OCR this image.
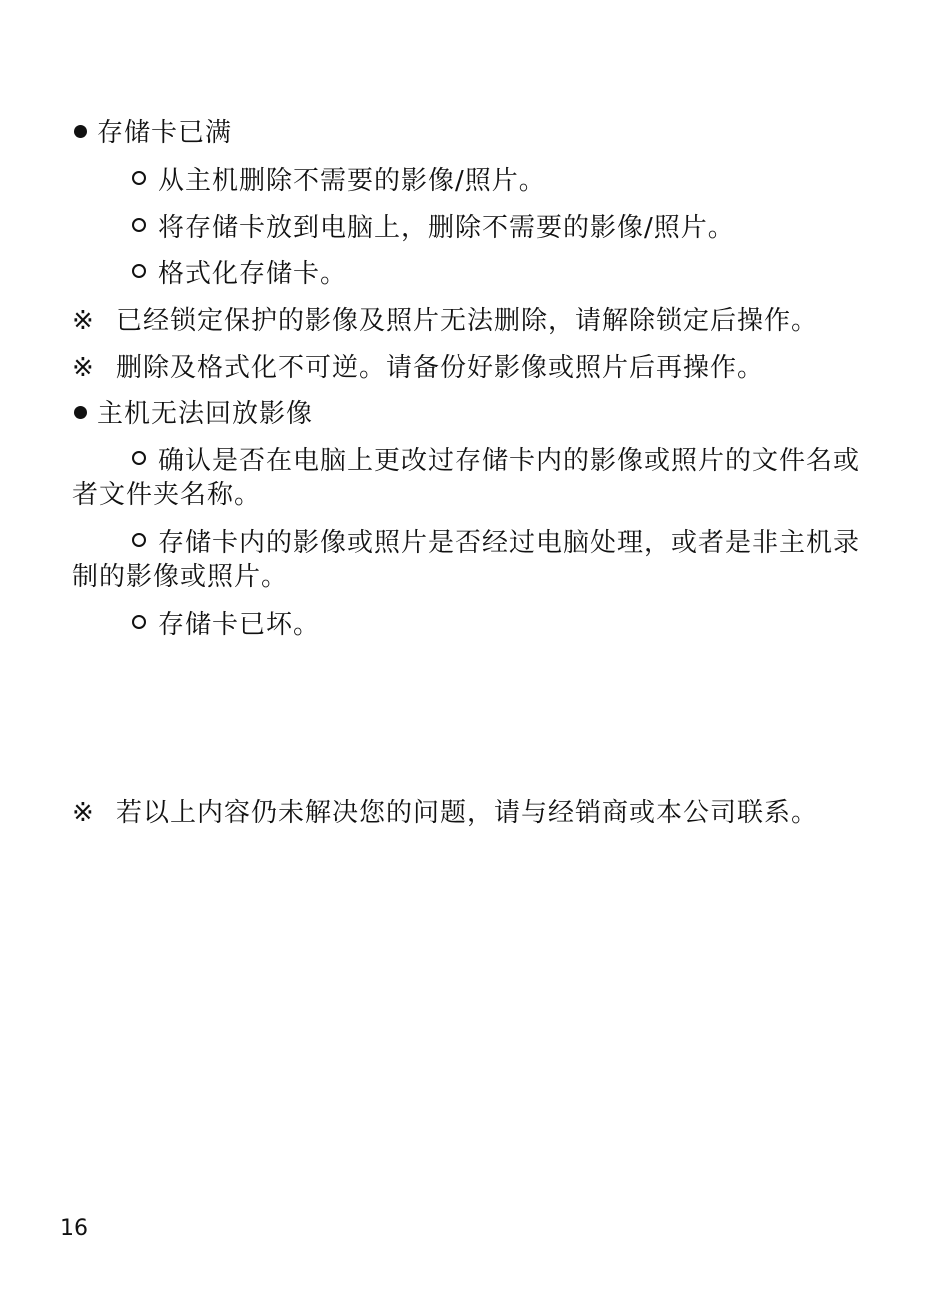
存储卡已满
从主机删除不需要的影像/照片。
将存储卡放到电脑上，删除不需要的影像/照片。
格式化存储卡。
※ 已经锁定保护的影像及照片无法删除，请解除锁定后操作。
※ 删除及格式化不可逆。请备份好影像或照片后再操作。
主机无法回放影像
确认是否在电脑上更改过存储卡内的影像或照片的文件名或者文件夹名称。
存储卡内的影像或照片是否经过电脑处理，或者是非主机录制的影像或照片。
存储卡已坏。
※ 若以上内容仍未解决您的问题，请与经销商或本公司联系。
16
